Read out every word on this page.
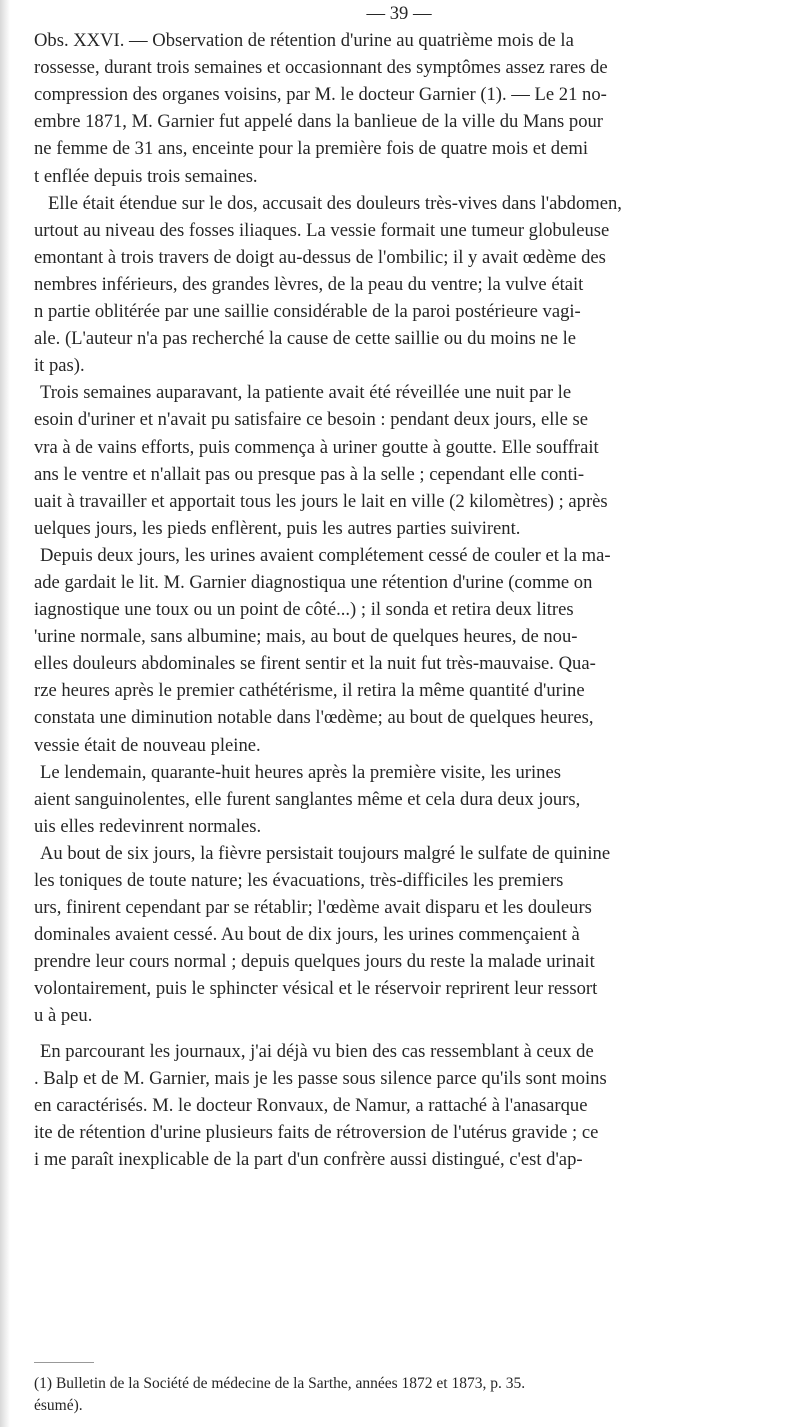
— 39 —
Obs. XXVI. — Observation de rétention d'urine au quatrième mois de la
rossesse, durant trois semaines et occasionnant des symptômes assez rares de
compression des organes voisins, par M. le docteur Garnier (1). — Le 21 no-
embre 1871, M. Garnier fut appelé dans la banlieue de la ville du Mans pour
ne femme de 31 ans, enceinte pour la première fois de quatre mois et demi
t enflée depuis trois semaines.
Elle était étendue sur le dos, accusait des douleurs très-vives dans l'abdomen,
urtout au niveau des fosses iliaques. La vessie formait une tumeur globuleuse
emontant à trois travers de doigt au-dessus de l'ombilic; il y avait œdème des
nembres inférieurs, des grandes lèvres, de la peau du ventre; la vulve était
n partie oblitérée par une saillie considérable de la paroi postérieure vagi-
ale. (L'auteur n'a pas recherché la cause de cette saillie ou du moins ne le
it pas).
Trois semaines auparavant, la patiente avait été réveillée une nuit par le
esoin d'uriner et n'avait pu satisfaire ce besoin : pendant deux jours, elle se
vra à de vains efforts, puis commença à uriner goutte à goutte. Elle souffrait
ans le ventre et n'allait pas ou presque pas à la selle ; cependant elle conti-
uait à travailler et apportait tous les jours le lait en ville (2 kilomètres) ; après
uelques jours, les pieds enflèrent, puis les autres parties suivirent.
Depuis deux jours, les urines avaient complétement cessé de couler et la ma-
ade gardait le lit. M. Garnier diagnostiqua une rétention d'urine (comme on
iagnostique une toux ou un point de côté...) ; il sonda et retira deux litres
'urine normale, sans albumine; mais, au bout de quelques heures, de nou-
elles douleurs abdominales se firent sentir et la nuit fut très-mauvaise. Qua-
rze heures après le premier cathétérisme, il retira la même quantité d'urine
constata une diminution notable dans l'œdème; au bout de quelques heures,
vessie était de nouveau pleine.
Le lendemain, quarante-huit heures après la première visite, les urines
aient sanguinolentes, elle furent sanglantes même et cela dura deux jours,
uis elles redevinrent normales.
Au bout de six jours, la fièvre persistait toujours malgré le sulfate de quinine
les toniques de toute nature; les évacuations, très-difficiles les premiers
urs, finirent cependant par se rétablir; l'œdème avait disparu et les douleurs
dominales avaient cessé. Au bout de dix jours, les urines commençaient à
prendre leur cours normal ; depuis quelques jours du reste la malade urinait
volontairement, puis le sphincter vésical et le réservoir reprirent leur ressort
u à peu.
En parcourant les journaux, j'ai déjà vu bien des cas ressemblant à ceux de
. Balp et de M. Garnier, mais je les passe sous silence parce qu'ils sont moins
en caractérisés. M. le docteur Ronvaux, de Namur, a rattaché à l'anasarque
ite de rétention d'urine plusieurs faits de rétroversion de l'utérus gravide ; ce
i me paraît inexplicable de la part d'un confrère aussi distingué, c'est d'ap-
(1) Bulletin de la Société de médecine de la Sarthe, années 1872 et 1873, p. 35.
ésumé).
